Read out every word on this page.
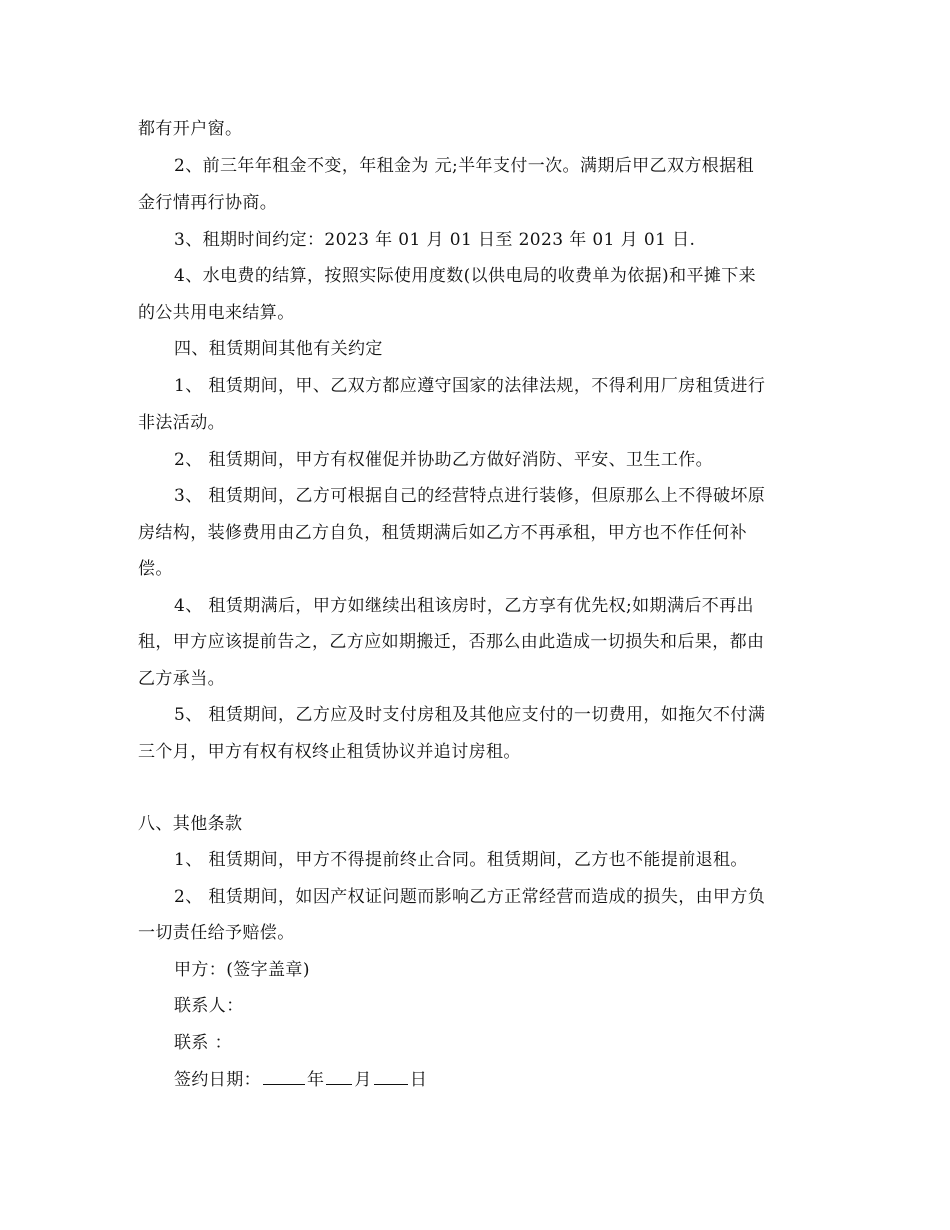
都有开户窗。
2、前三年年租金不变，年租金为 元;半年支付一次。满期后甲乙双方根据租
金行情再行协商。
3、租期时间约定：2023 年 01 月 01 日至 2023 年 01 月 01 日.
4、水电费的结算，按照实际使用度数(以供电局的收费单为依据)和平摊下来
的公共用电来结算。
四、租赁期间其他有关约定
1、 租赁期间，甲、乙双方都应遵守国家的法律法规，不得利用厂房租赁进行
非法活动。
2、 租赁期间，甲方有权催促并协助乙方做好消防、平安、卫生工作。
3、 租赁期间，乙方可根据自己的经营特点进行装修，但原那么上不得破坏原
房结构，装修费用由乙方自负，租赁期满后如乙方不再承租，甲方也不作任何补
偿。
4、 租赁期满后，甲方如继续出租该房时，乙方享有优先权;如期满后不再出
租，甲方应该提前告之，乙方应如期搬迁，否那么由此造成一切损失和后果，都由
乙方承当。
5、 租赁期间，乙方应及时支付房租及其他应支付的一切费用，如拖欠不付满
三个月，甲方有权有权终止租赁协议并追讨房租。
八、其他条款
1、 租赁期间，甲方不得提前终止合同。租赁期间，乙方也不能提前退租。
2、 租赁期间，如因产权证问题而影响乙方正常经营而造成的损失，由甲方负
一切责任给予赔偿。
甲方：(签字盖章)
联系人：
联系 ：
签约日期：	年 月 日
